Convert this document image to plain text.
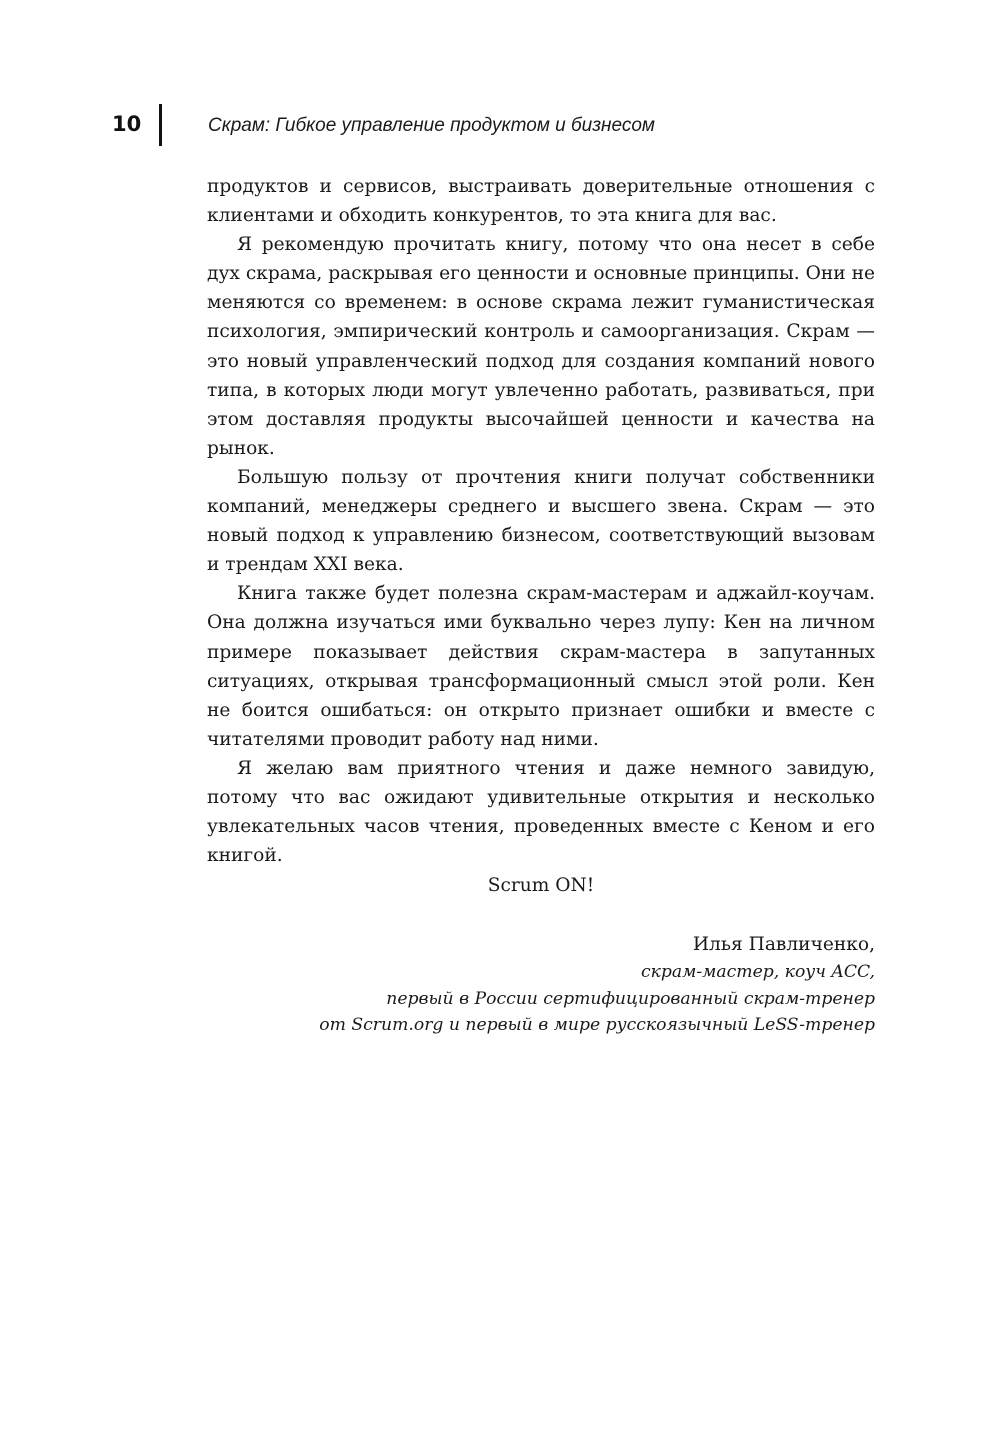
10	Скрам: Гибкое управление продуктом и бизнесом

продуктов и сервисов, выстраивать доверительные отношения с клиентами и обходить конкурентов, то эта книга для вас.

Я рекомендую прочитать книгу, потому что она несет в себе дух скрама, раскрывая его ценности и основные принципы. Они не меняются со временем: в основе скрама лежит гуманистическая психология, эмпирический контроль и самоорганизация. Скрам — это новый управленческий подход для создания компаний нового типа, в которых люди могут увлеченно работать, развиваться, при этом доставляя продукты высочайшей ценности и качества на рынок.

Большую пользу от прочтения книги получат собственники компаний, менеджеры среднего и высшего звена. Скрам — это новый подход к управлению бизнесом, соответствующий вызовам и трендам XXI века.

Книга также будет полезна скрам-мастерам и аджайл-коучам. Она должна изучаться ими буквально через лупу: Кен на личном примере показывает действия скрам-мастера в запутанных ситуациях, открывая трансформационный смысл этой роли. Кен не боится ошибаться: он открыто признает ошибки и вместе с читателями проводит работу над ними.

Я желаю вам приятного чтения и даже немного завидую, потому что вас ожидают удивительные открытия и несколько увлекательных часов чтения, проведенных вместе с Кеном и его книгой.

Scrum ON!
Илья Павличенко,
скрам-мастер, коуч ACC,
первый в России сертифицированный скрам-тренер
от Scrum.org и первый в мире русскоязычный LeSS-тренер
